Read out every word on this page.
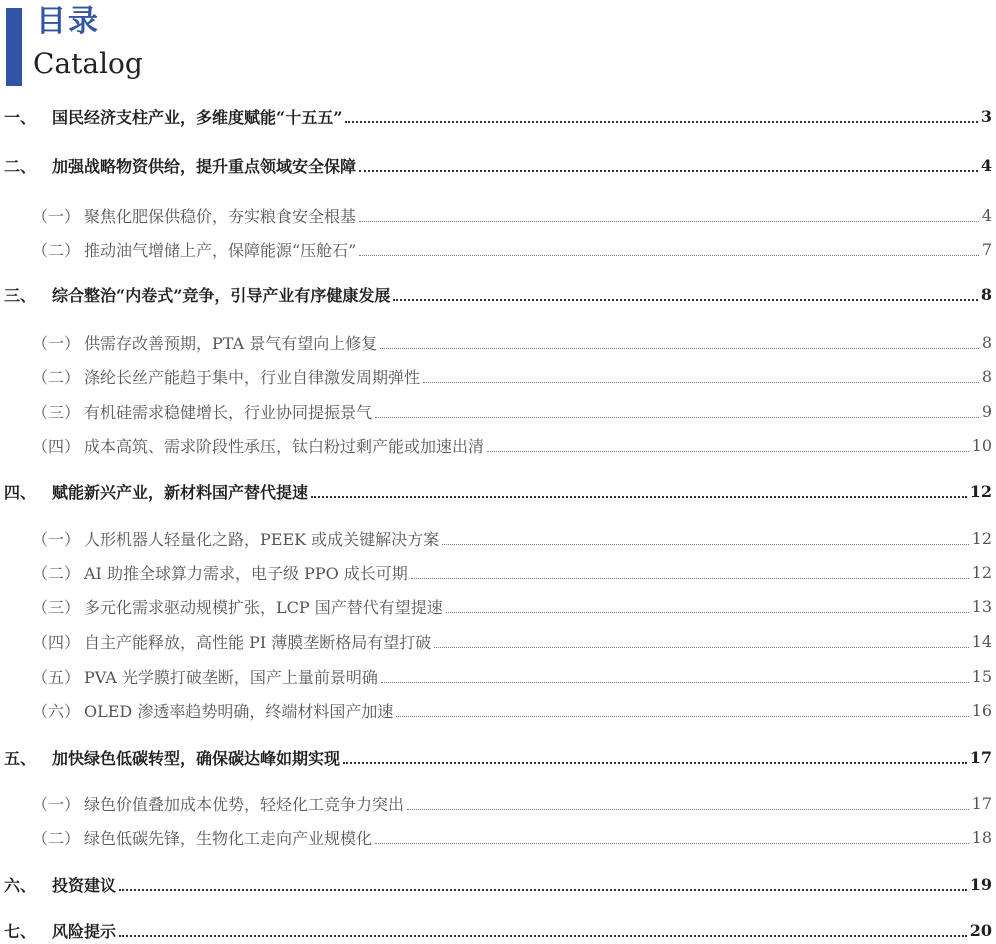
目录
Catalog
一、 国民经济支柱产业，多维度赋能“十五五”	3
二、 加强战略物资供给，提升重点领域安全保障	4
（一） 聚焦化肥保供稳价，夯实粮食安全根基	4
（二） 推动油气增储上产，保障能源“压舱石”	7
三、 综合整治“内卷式”竞争，引导产业有序健康发展	8
（一） 供需存改善预期，PTA 景气有望向上修复	8
（二） 涤纶长丝产能趋于集中，行业自律激发周期弹性	8
（三） 有机硅需求稳健增长，行业协同提振景气	9
（四） 成本高筑、需求阶段性承压，钛白粉过剩产能或加速出清	10
四、 赋能新兴产业，新材料国产替代提速	12
（一） 人形机器人轻量化之路，PEEK 或成关键解决方案	12
（二） AI 助推全球算力需求，电子级 PPO 成长可期	12
（三） 多元化需求驱动规模扩张，LCP 国产替代有望提速	13
（四） 自主产能释放，高性能 PI 薄膜垄断格局有望打破	14
（五） PVA 光学膜打破垄断，国产上量前景明确	15
（六） OLED 渗透率趋势明确，终端材料国产加速	16
五、 加快绿色低碳转型，确保碳达峰如期实现	17
（一） 绿色价值叠加成本优势，轻烃化工竞争力突出	17
（二） 绿色低碳先锋，生物化工走向产业规模化	18
六、 投资建议	19
七、 风险提示	20
